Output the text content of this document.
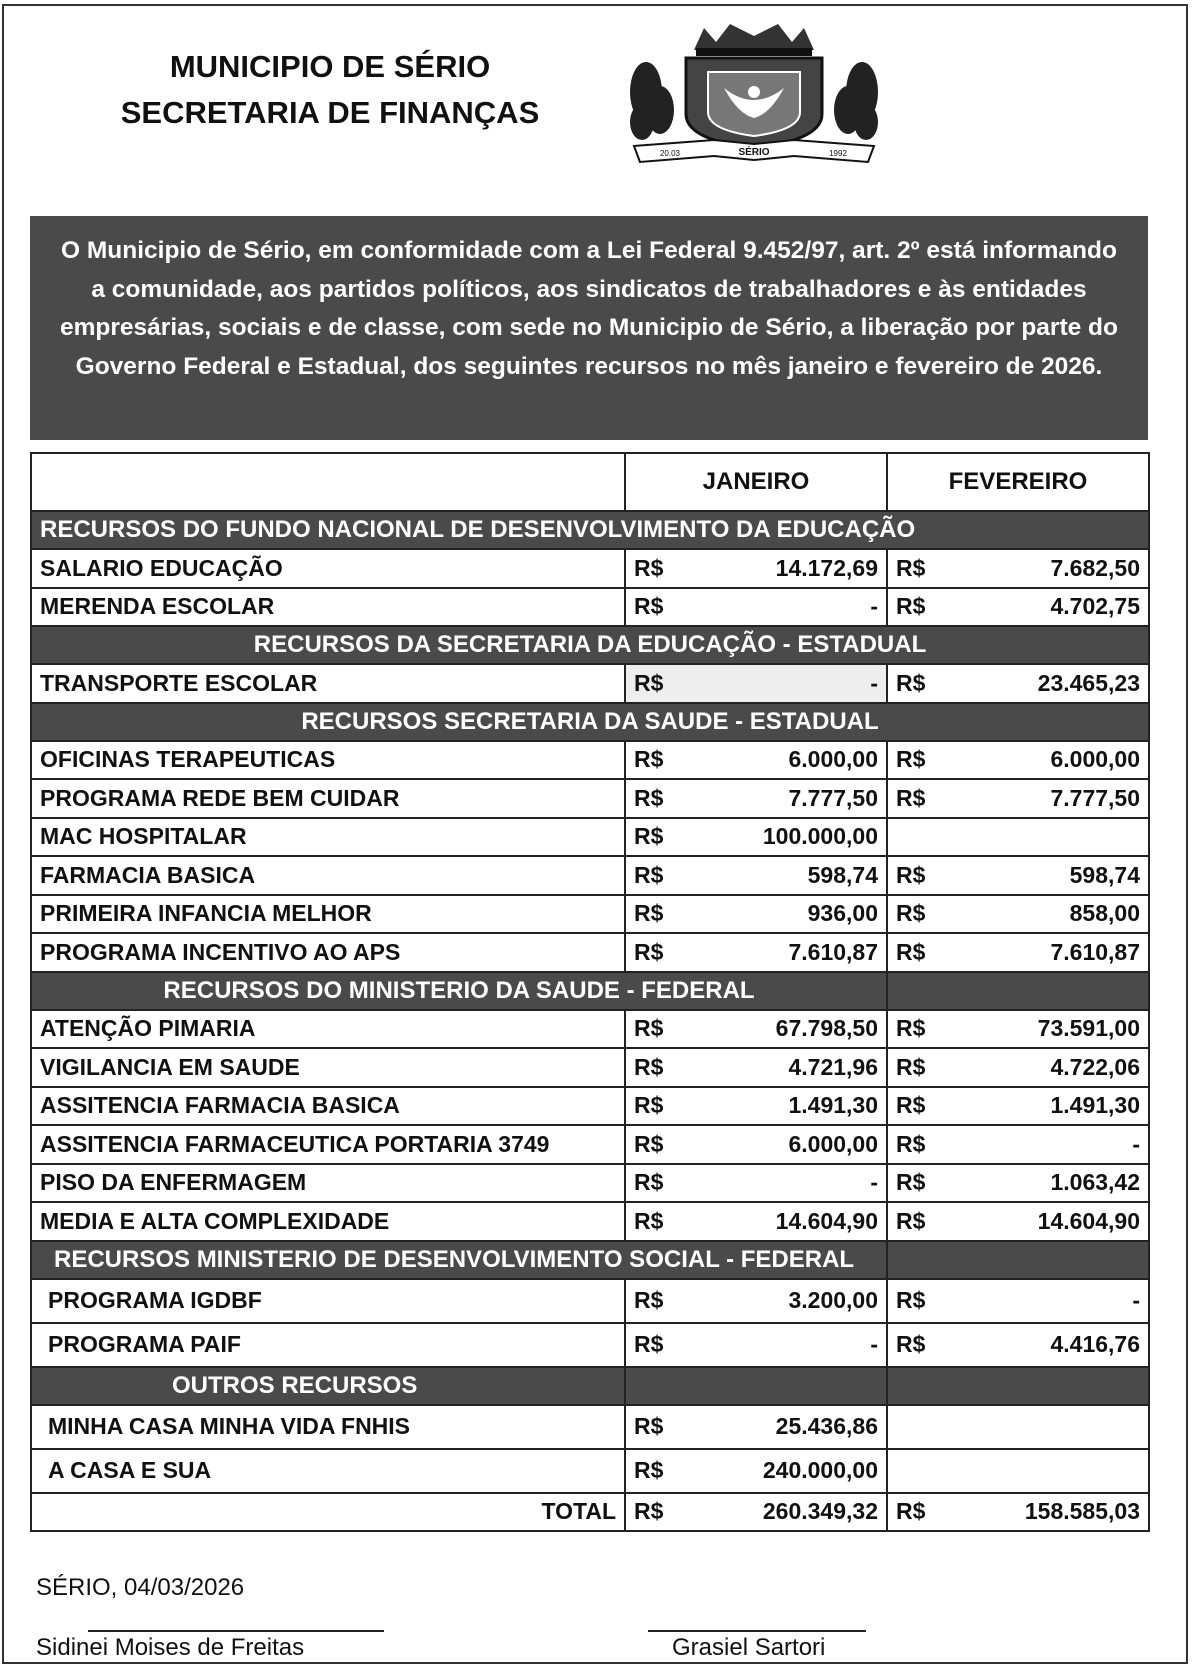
MUNICIPIO DE SÉRIO
SECRETARIA DE FINANÇAS
SÉRIO
20.03	1992
O Municipio de Sério, em conformidade com a Lei Federal 9.452/97, art. 2º está informando a comunidade, aos partidos políticos, aos sindicatos de trabalhadores e às entidades empresárias, sociais e de classe, com sede no Municipio de Sério, a liberação por parte do Governo Federal e Estadual, dos seguintes recursos no mês janeiro e fevereiro de 2026.
	JANEIRO	FEVEREIRO
RECURSOS DO FUNDO NACIONAL DE DESENVOLVIMENTO DA EDUCAÇÃO		
SALARIO EDUCAÇÃO	R$ 14.172,69	R$ 7.682,50

MERENDA ESCOLAR	R$ -	R$ 4.702,75

RECURSOS DA SECRETARIA DA EDUCAÇÃO - ESTADUAL		
TRANSPORTE ESCOLAR	R$ -	R$ 23.465,23

RECURSOS SECRETARIA DA SAUDE - ESTADUAL		
OFICINAS TERAPEUTICAS	R$ 6.000,00	R$ 6.000,00

PROGRAMA REDE BEM CUIDAR	R$ 7.777,50	R$ 7.777,50

MAC HOSPITALAR	R$ 100.000,00	

FARMACIA BASICA	R$ 598,74	R$ 598,74

PRIMEIRA INFANCIA MELHOR	R$ 936,00	R$ 858,00

PROGRAMA INCENTIVO AO APS	R$ 7.610,87	R$ 7.610,87

RECURSOS DO MINISTERIO DA SAUDE - FEDERAL		
ATENÇÃO PIMARIA	R$ 67.798,50	R$ 73.591,00

VIGILANCIA EM SAUDE	R$ 4.721,96	R$ 4.722,06

ASSITENCIA FARMACIA BASICA	R$ 1.491,30	R$ 1.491,30

ASSITENCIA FARMACEUTICA PORTARIA 3749	R$ 6.000,00	R$ -

PISO DA ENFERMAGEM	R$ -	R$ 1.063,42

MEDIA E ALTA COMPLEXIDADE	R$ 14.604,90	R$ 14.604,90

RECURSOS MINISTERIO DE DESENVOLVIMENTO SOCIAL - FEDERAL		
PROGRAMA IGDBF	R$ 3.200,00	R$ -

PROGRAMA PAIF	R$ -	R$ 4.416,76

OUTROS RECURSOS		
MINHA CASA MINHA VIDA FNHIS	R$ 25.436,86	

A CASA E SUA	R$ 240.000,00	

TOTAL	R$ 260.349,32	R$ 158.585,03
SÉRIO, 04/03/2026
Sidinei Moises de Freitas	Grasiel Sartori
